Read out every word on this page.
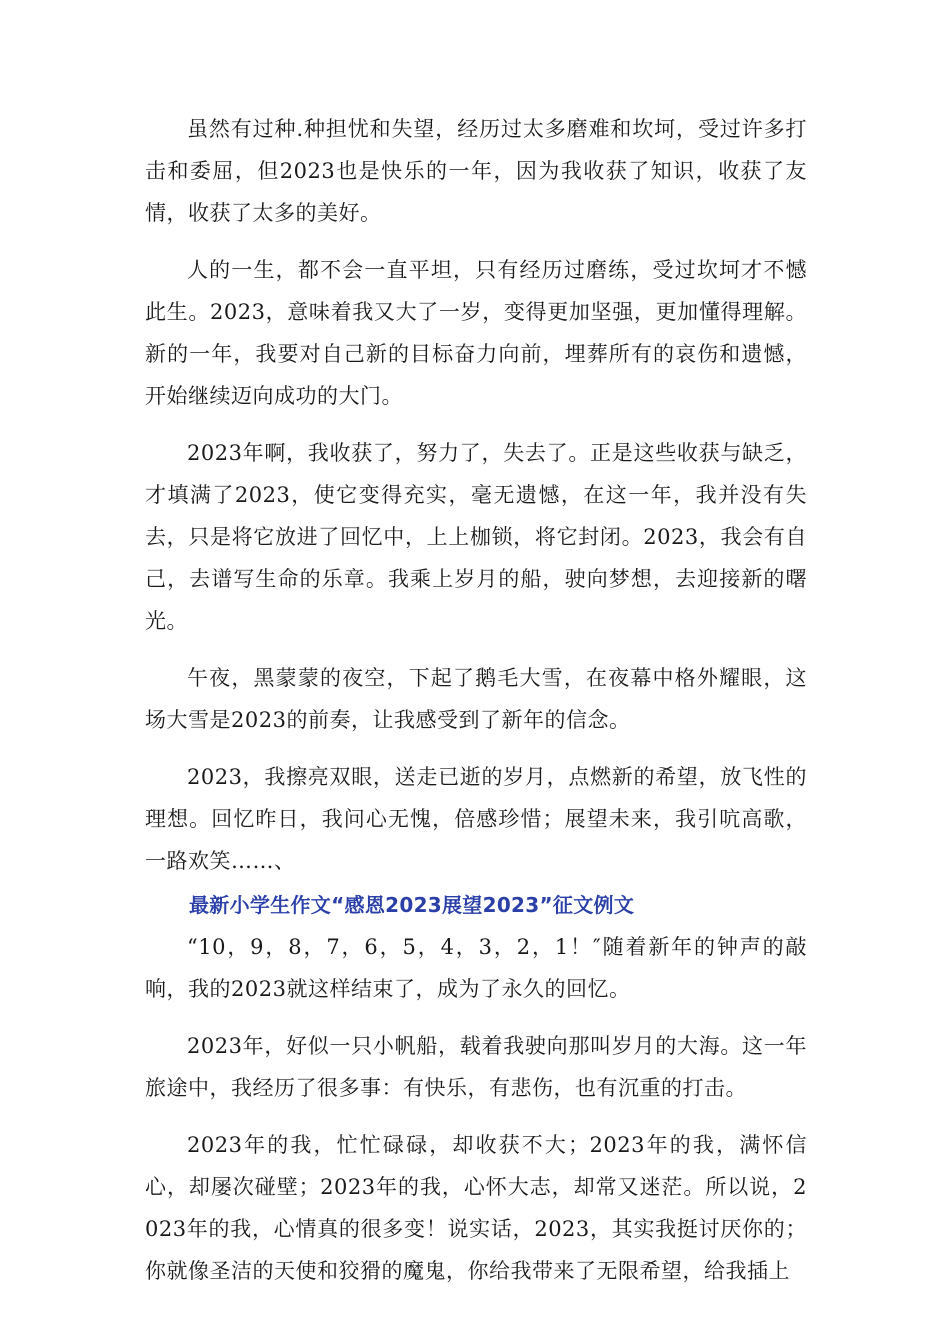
虽然有过种.种担忧和失望，经历过太多磨难和坎坷，受过许多打击和委屈，但2023也是快乐的一年，因为我收获了知识，收获了友情，收获了太多的美好。

人的一生，都不会一直平坦，只有经历过磨练，受过坎坷才不憾此生。2023，意味着我又大了一岁，变得更加坚强，更加懂得理解。新的一年，我要对自己新的目标奋力向前，埋葬所有的哀伤和遗憾，开始继续迈向成功的大门。

2023年啊，我收获了，努力了，失去了。正是这些收获与缺乏，才填满了2023，使它变得充实，毫无遗憾，在这一年，我并没有失去，只是将它放进了回忆中，上上枷锁，将它封闭。2023，我会有自己，去谱写生命的乐章。我乘上岁月的船，驶向梦想，去迎接新的曙光。

午夜，黑蒙蒙的夜空，下起了鹅毛大雪，在夜幕中格外耀眼，这场大雪是2023的前奏，让我感受到了新年的信念。

2023，我擦亮双眼，送走已逝的岁月，点燃新的希望，放飞性的理想。回忆昨日，我问心无愧，倍感珍惜；展望未来，我引吭高歌，一路欢笑……、

最新小学生作文“感恩2023展望2023”征文例文

“10，9，8，7，6，5，4，3，2，1！″随着新年的钟声的敲响，我的2023就这样结束了，成为了永久的回忆。

2023年，好似一只小帆船，载着我驶向那叫岁月的大海。这一年旅途中，我经历了很多事：有快乐，有悲伤，也有沉重的打击。

2023年的我，忙忙碌碌，却收获不大；2023年的我，满怀信心，却屡次碰壁；2023年的我，心怀大志，却常又迷茫。所以说，2023年的我，心情真的很多变！说实话，2023，其实我挺讨厌你的；你就像圣洁的天使和狡猾的魔鬼，你给我带来了无限希望，给我插上
